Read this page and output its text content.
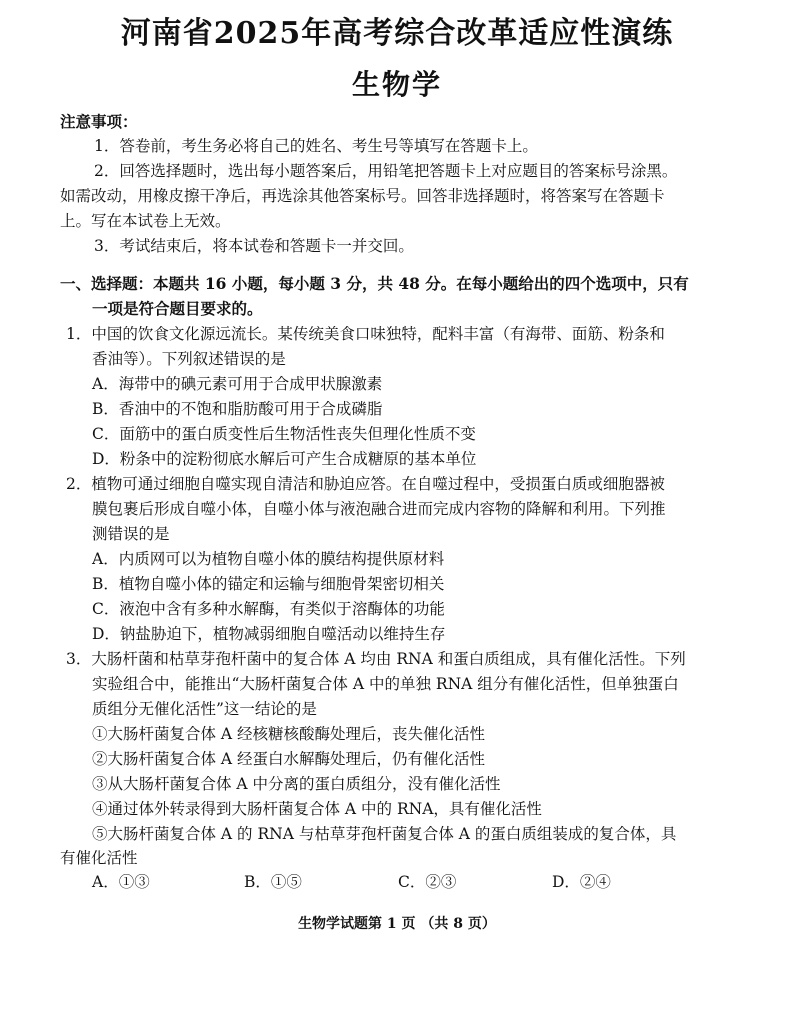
河南省2025年高考综合改革适应性演练
生物学
注意事项：
1．答卷前，考生务必将自己的姓名、考生号等填写在答题卡上。
2．回答选择题时，选出每小题答案后，用铅笔把答题卡上对应题目的答案标号涂黑。
如需改动，用橡皮擦干净后，再选涂其他答案标号。回答非选择题时，将答案写在答题卡
上。写在本试卷上无效。
3．考试结束后，将本试卷和答题卡一并交回。
一、选择题：本题共 16 小题，每小题 3 分，共 48 分。在每小题给出的四个选项中，只有
一项是符合题目要求的。
1．中国的饮食文化源远流长。某传统美食口味独特，配料丰富（有海带、面筋、粉条和
香油等）。下列叙述错误的是
A．海带中的碘元素可用于合成甲状腺激素
B．香油中的不饱和脂肪酸可用于合成磷脂
C．面筋中的蛋白质变性后生物活性丧失但理化性质不变
D．粉条中的淀粉彻底水解后可产生合成糖原的基本单位
2．植物可通过细胞自噬实现自清洁和胁迫应答。在自噬过程中，受损蛋白质或细胞器被
膜包裹后形成自噬小体，自噬小体与液泡融合进而完成内容物的降解和利用。下列推
测错误的是
A．内质网可以为植物自噬小体的膜结构提供原材料
B．植物自噬小体的锚定和运输与细胞骨架密切相关
C．液泡中含有多种水解酶，有类似于溶酶体的功能
D．钠盐胁迫下，植物减弱细胞自噬活动以维持生存
3．大肠杆菌和枯草芽孢杆菌中的复合体 A 均由 RNA 和蛋白质组成，具有催化活性。下列
实验组合中，能推出“大肠杆菌复合体 A 中的单独 RNA 组分有催化活性，但单独蛋白
质组分无催化活性”这一结论的是
①大肠杆菌复合体 A 经核糖核酸酶处理后，丧失催化活性
②大肠杆菌复合体 A 经蛋白水解酶处理后，仍有催化活性
③从大肠杆菌复合体 A 中分离的蛋白质组分，没有催化活性
④通过体外转录得到大肠杆菌复合体 A 中的 RNA，具有催化活性
⑤大肠杆菌复合体 A 的 RNA 与枯草芽孢杆菌复合体 A 的蛋白质组装成的复合体，具
有催化活性
A．①③	B．①⑤	C．②③	D．②④
生物学试题第 1 页 （共 8 页）
